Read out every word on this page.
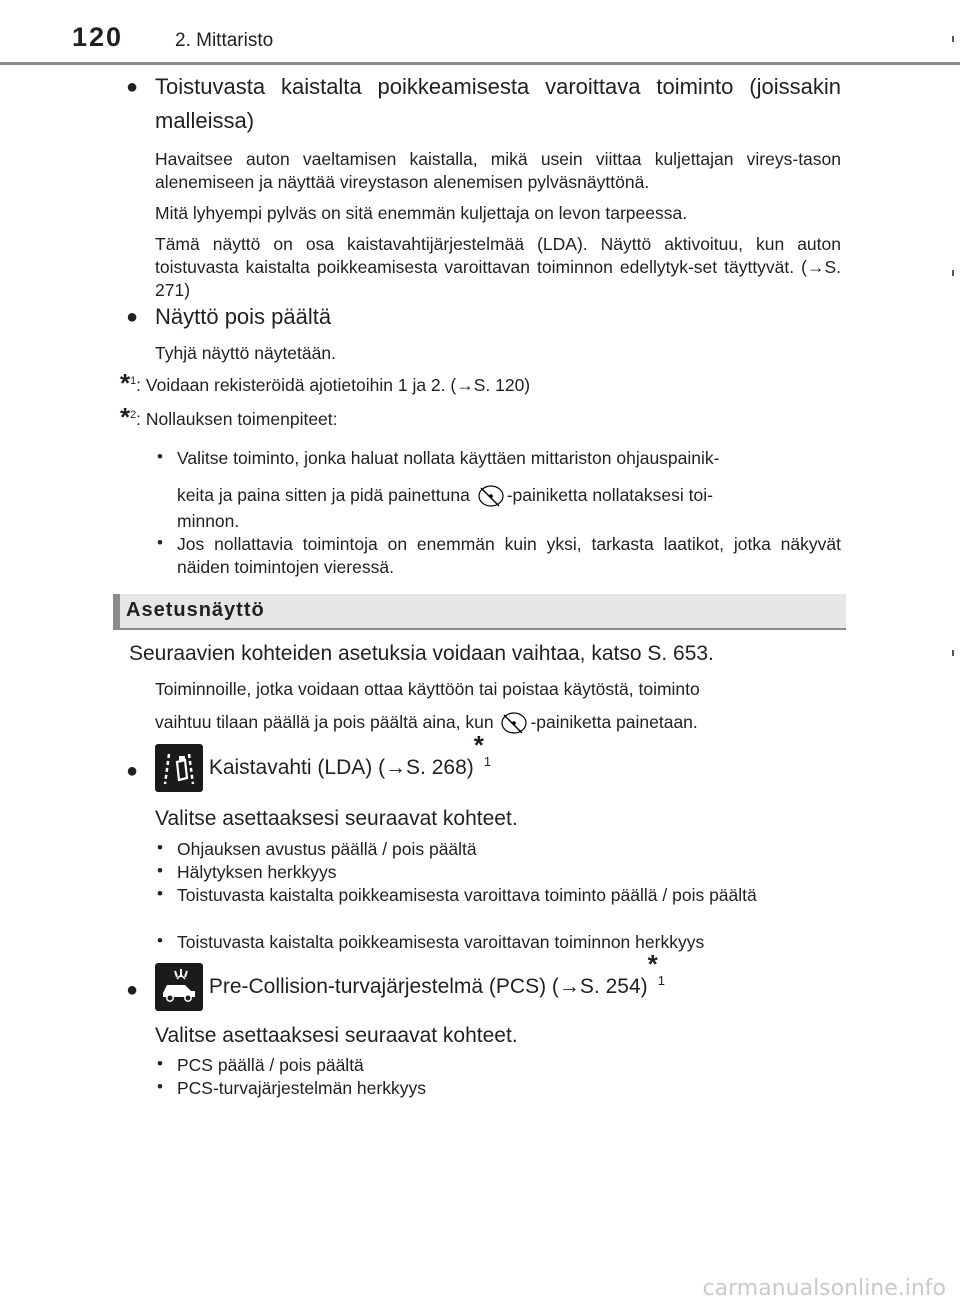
120	2. Mittaristo
● Toistuvasta kaistalta poikkeamisesta varoittava toiminto (joissakin malleissa)
Havaitsee auton vaeltamisen kaistalla, mikä usein viittaa kuljettajan vireys-tason alenemiseen ja näyttää vireystason alenemisen pylväsnäyttönä.
Mitä lyhyempi pylväs on sitä enemmän kuljettaja on levon tarpeessa.
Tämä näyttö on osa kaistavahtijärjestelmää (LDA). Näyttö aktivoituu, kun auton toistuvasta kaistalta poikkeamisesta varoittavan toiminnon edellytyk-set täyttyvät. (→S. 271)
● Näyttö pois päältä
Tyhjä näyttö näytetään.
*$^1$: Voidaan rekisteröidä ajotietoihin 1 ja 2. (→S. 120)
*$^2$: Nollauksen toimenpiteet:
• Valitse toiminto, jonka haluat nollata käyttäen mittariston ohjauspainik-
keita ja paina sitten ja pidä painettuna -painiketta nollataksesi toi-
minnon.
• Jos nollattavia toimintoja on enemmän kuin yksi, tarkasta laatikot, jotka näkyvät näiden toimintojen vieressä.
Asetusnäyttö
Seuraavien kohteiden asetuksia voidaan vaihtaa, katso S. 653.
Toiminnoille, jotka voidaan ottaa käyttöön tai poistaa käytöstä, toiminto
vaihtuu tilaan päällä ja pois päältä aina, kun -painiketta painetaan.
●	Kaistavahti (LDA) (→S. 268)$^{*1}$
Valitse asettaaksesi seuraavat kohteet.
• Ohjauksen avustus päällä / pois päältä
• Hälytyksen herkkyys
• Toistuvasta kaistalta poikkeamisesta varoittava toiminto päällä / pois päältä
• Toistuvasta kaistalta poikkeamisesta varoittavan toiminnon herkkyys
●	Pre-Collision-turvajärjestelmä (PCS) (→S. 254)$^{*1}$
Valitse asettaaksesi seuraavat kohteet.
• PCS päällä / pois päältä
• PCS-turvajärjestelmän herkkyys
carmanualsonline.info
